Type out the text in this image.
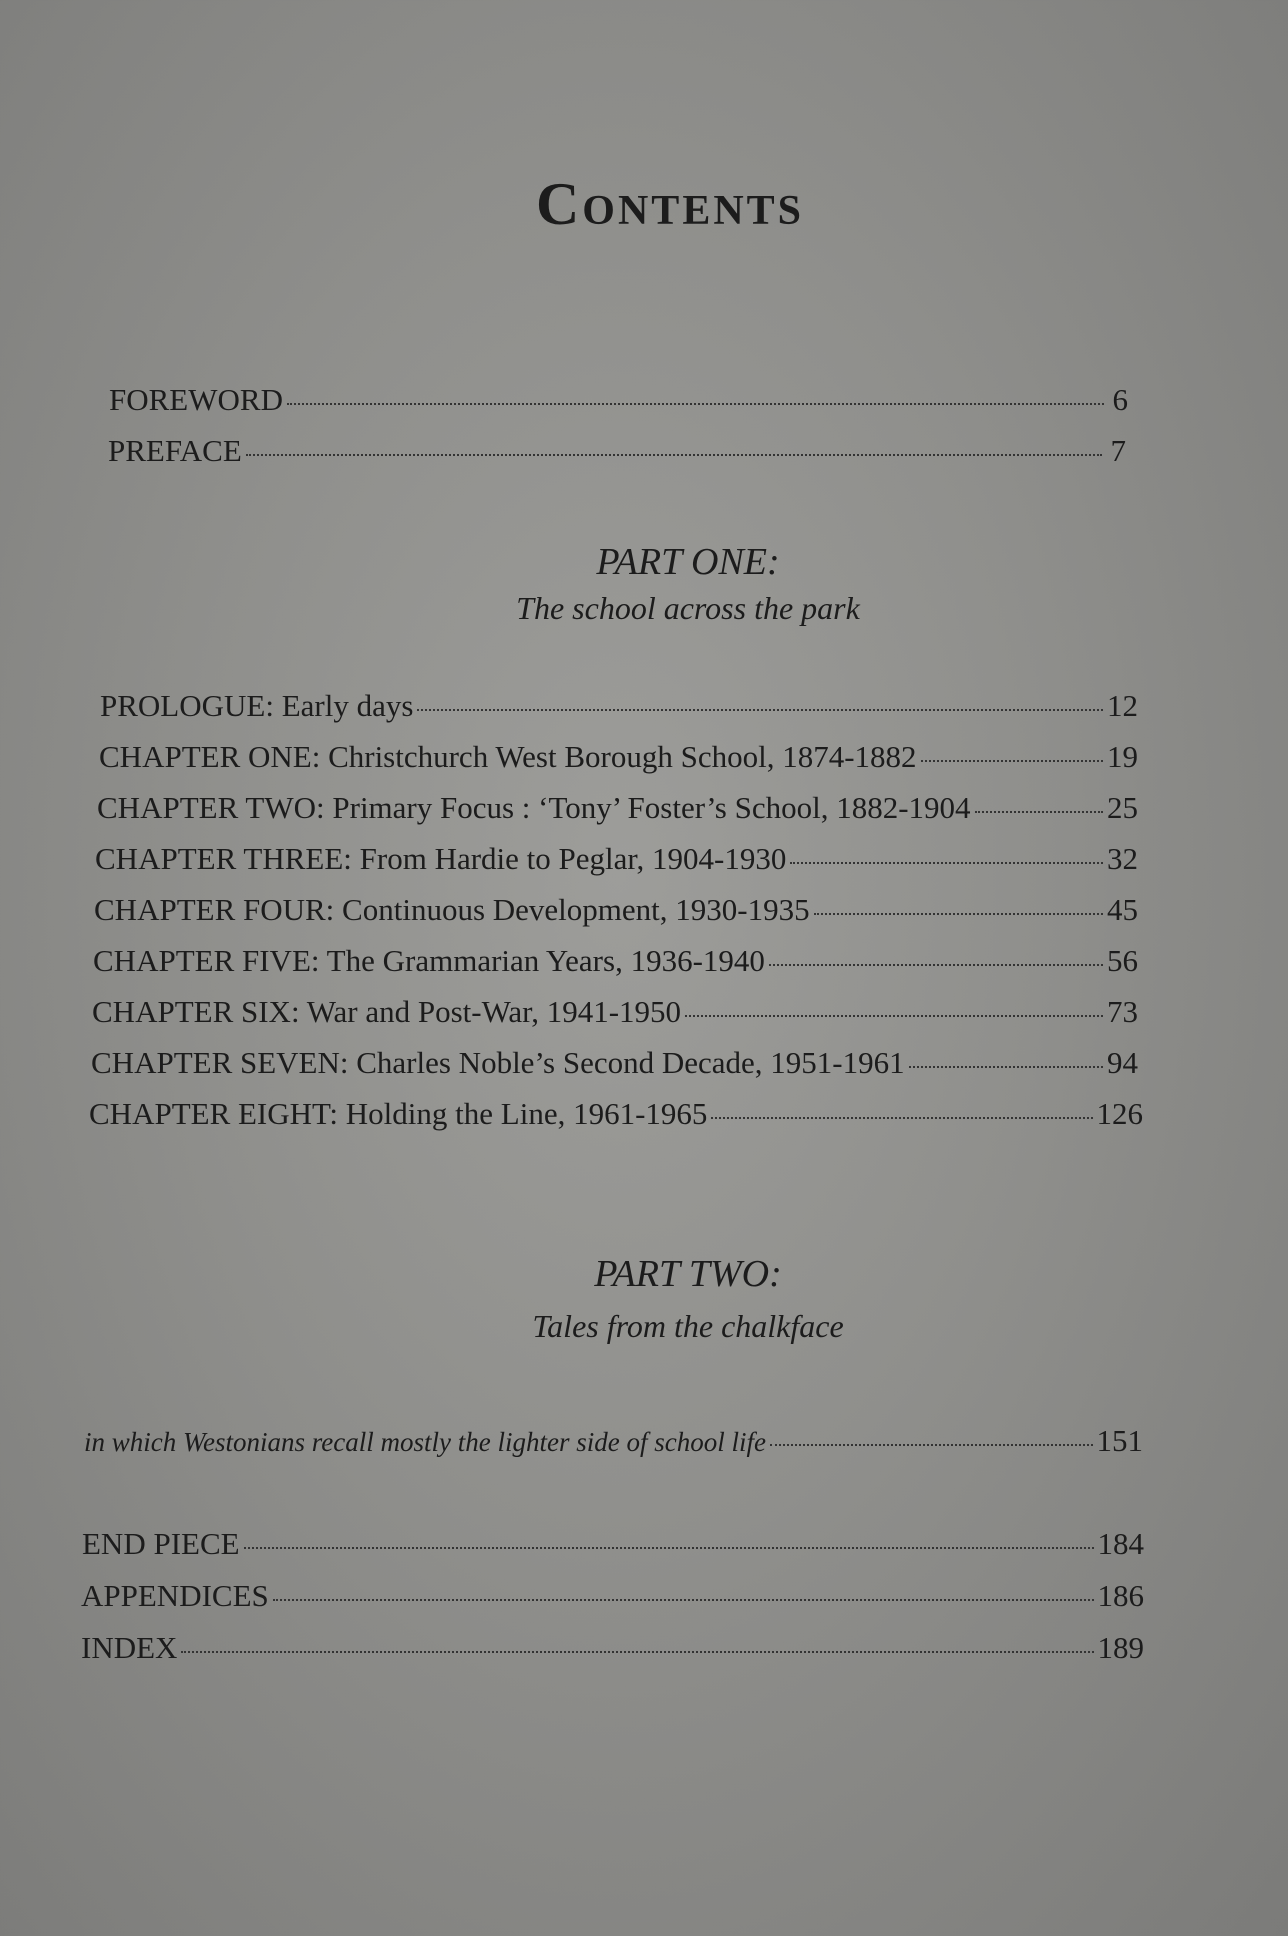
Contents
FOREWORD	6
PREFACE	7
PART ONE:
The school across the park
PROLOGUE: Early days	12
CHAPTER ONE: Christchurch West Borough School, 1874-1882	19
CHAPTER TWO: Primary Focus : ‘Tony’ Foster’s School, 1882-1904	25
CHAPTER THREE: From Hardie to Peglar, 1904-1930	32
CHAPTER FOUR: Continuous Development, 1930-1935	45
CHAPTER FIVE: The Grammarian Years, 1936-1940	56
CHAPTER SIX: War and Post-War, 1941-1950	73
CHAPTER SEVEN: Charles Noble’s Second Decade, 1951-1961	94
CHAPTER EIGHT: Holding the Line, 1961-1965	126
PART TWO:
Tales from the chalkface
in which Westonians recall mostly the lighter side of school life	151
END PIECE	184
APPENDICES	186
INDEX	189
